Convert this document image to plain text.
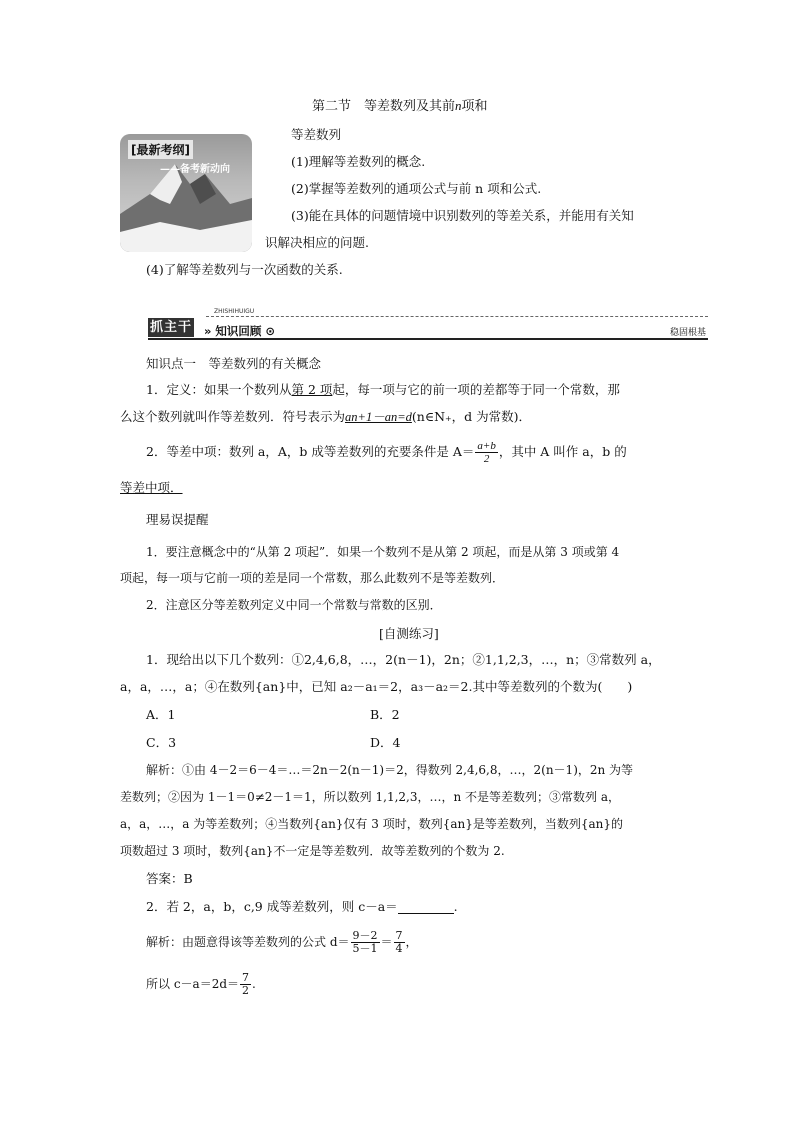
第二节　等差数列及其前n项和
[最新考纲]
——备考新动向
等差数列
(1)理解等差数列的概念.
(2)掌握等差数列的通项公式与前 n 项和公式.
(3)能在具体的问题情境中识别数列的等差关系，并能用有关知
识解决相应的问题.
(4)了解等差数列与一次函数的关系.
抓主干
ZHISHIHUIGU
» 知识回顾 ⊙	稳固根基
知识点一　等差数列的有关概念
1．定义：如果一个数列从第 2 项起，每一项与它的前一项的差都等于同一个常数，那
么这个数列就叫作等差数列．符号表示为an+1－an=d(n∈N₊，d 为常数)．
2．等差中项：数列 a，A，b 成等差数列的充要条件是 $A= \frac{a+b}{2}$ ，其中 A 叫作 a，b 的
等差中项．
理易误提醒
1．要注意概念中的“从第 2 项起”．如果一个数列不是从第 2 项起，而是从第 3 项或第 4
项起，每一项与它前一项的差是同一个常数，那么此数列不是等差数列．
2．注意区分等差数列定义中同一个常数与常数的区别．
[自测练习]
1．现给出以下几个数列：①2,4,6,8，…，2(n－1)，2n；②1,1,2,3，…，n；③常数列 a，
a，a，…，a；④在数列{an}中，已知 a₂－a₁＝2，a₃－a₂＝2.其中等差数列的个数为(　　)
A．1	B．2
C．3	D．4
解析：①由 4－2＝6－4＝…＝2n－2(n－1)＝2，得数列 2,4,6,8，…，2(n－1)，2n 为等
差数列；②因为 1－1＝0≠2－1＝1，所以数列 1,1,2,3，…，n 不是等差数列；③常数列 a，
a，a，…，a 为等差数列；④当数列{an}仅有 3 项时，数列{an}是等差数列，当数列{an}的
项数超过 3 项时，数列{an}不一定是等差数列．故等差数列的个数为 2.
答案：B
2．若 2，a，b，c,9 成等差数列，则 c－a＝	.
解析：由题意得该等差数列的公式 $d= \frac{9-2}{5-1} = \frac{7}{4}$ ，
所以 $c-a=2d= \frac{7}{2}$ .
